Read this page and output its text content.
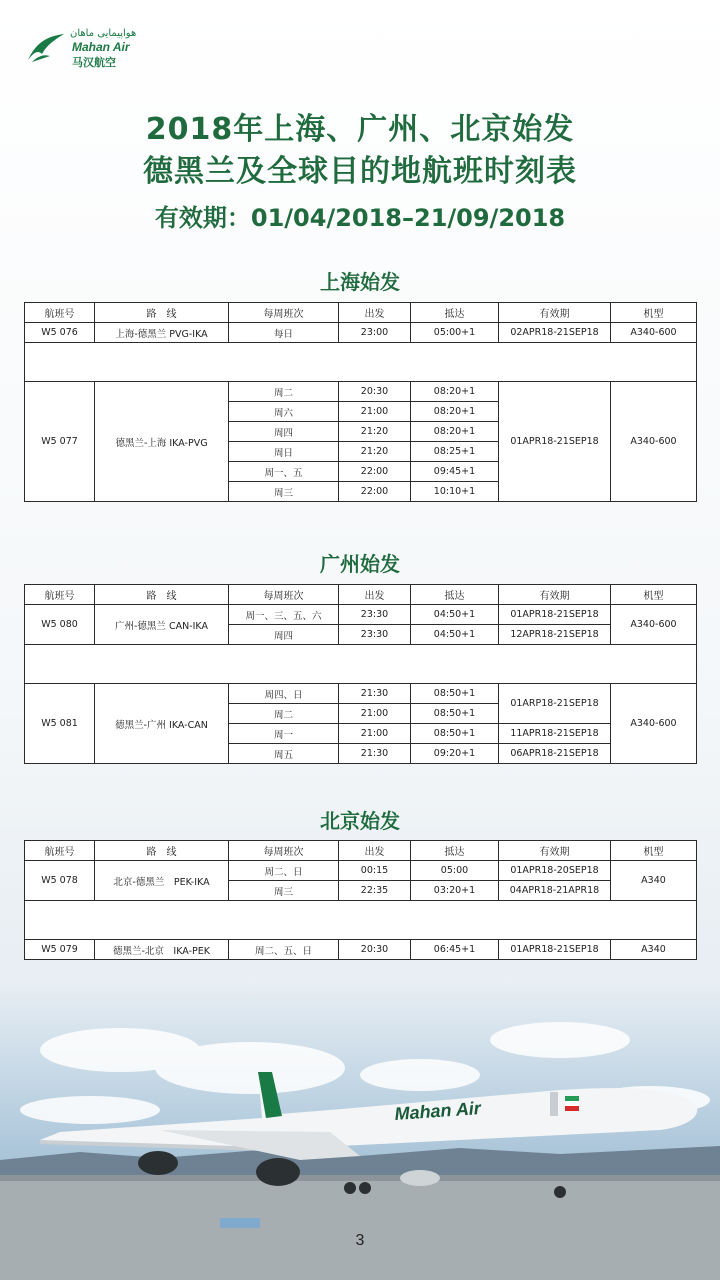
هواپیمایی ماهان
Mahan Air
马汉航空
2018年上海、广州、北京始发
德黑兰及全球目的地航班时刻表
有效期：01/04/2018–21/09/2018
上海始发
航班号	路　线	每周班次	出发	抵达	有效期	机型
W5 076	上海-德黑兰 PVG-IKA	每日	23:00	05:00+1	02APR18-21SEP18	A340-600

W5 077	德黑兰-上海 IKA-PVG	周二	20:30	08:20+1	01APR18-21SEP18	A340-600
		周六	21:00	08:20+1		
		周四	21:20	08:20+1		
		周日	21:20	08:25+1		
		周一、五	22:00	09:45+1		
		周三	22:00	10:10+1		
广州始发
航班号	路　线	每周班次	出发	抵达	有效期	机型
W5 080	广州-德黑兰 CAN-IKA	周一、三、五、六	23:30	04:50+1	01APR18-21SEP18	A340-600
		周四	23:30	04:50+1	12APR18-21SEP18	

W5 081	德黑兰-广州 IKA-CAN	周四、日	21:30	08:50+1	01ARP18-21SEP18	A340-600
		周二	21:00	08:50+1		
		周一	21:00	08:50+1	11APR18-21SEP18	
		周五	21:30	09:20+1	06APR18-21SEP18	
北京始发
航班号	路　线	每周班次	出发	抵达	有效期	机型
W5 078	北京-德黑兰　PEK-IKA	周二、日	00:15	05:00	01APR18-20SEP18	A340
		周三	22:35	03:20+1	04APR18-21APR18	

W5 079	德黑兰-北京　IKA-PEK	周二、五、日	20:30	06:45+1	01APR18-21SEP18	A340
Mahan Air
3
